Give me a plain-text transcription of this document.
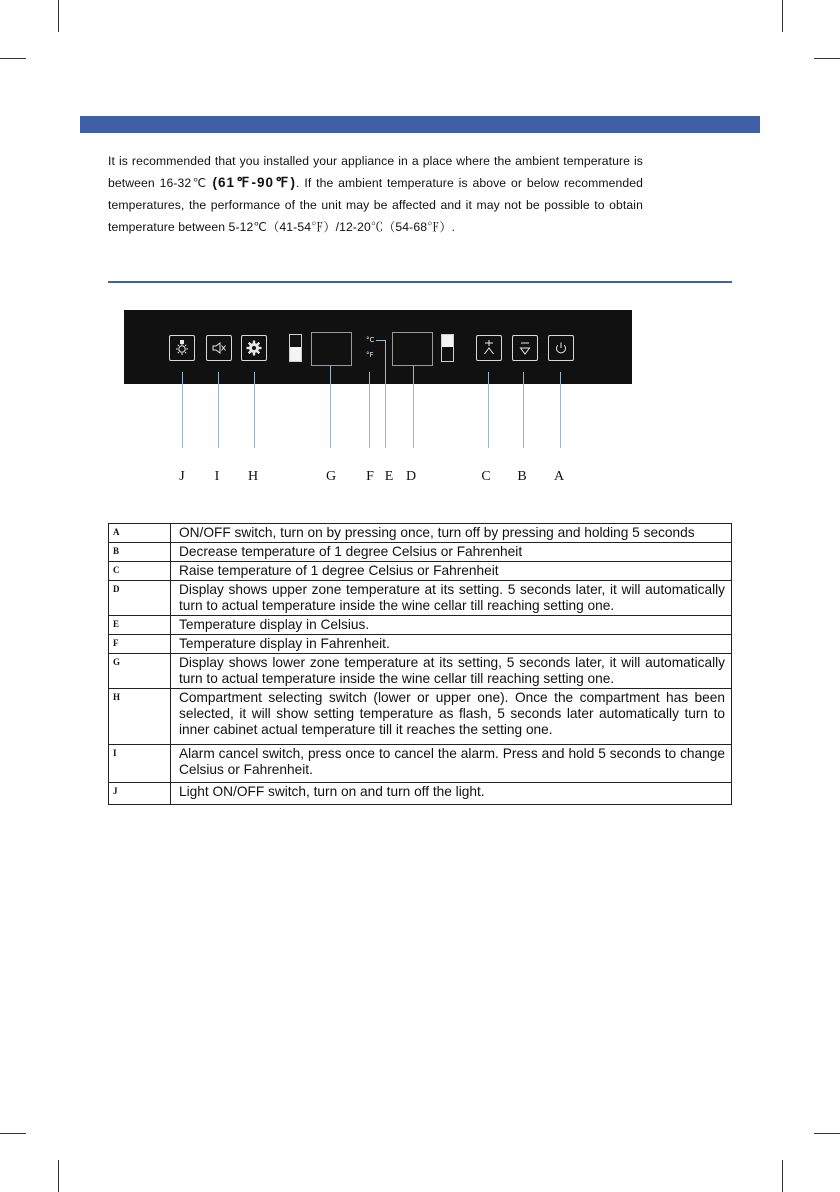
It is recommended that you installed your appliance in a place where the ambient temperature is between 16-32℃ (61℉-90℉). If the ambient temperature is above or below recommended temperatures, the performance of the unit may be affected and it may not be possible to obtain temperature between 5-12℃（41-54℉）/12-20℃（54-68℉）.

°C
°F
J	I	H	G F E D	C B A
A	ON/OFF switch, turn on by pressing once, turn off by pressing and holding 5 seconds
B	Decrease temperature of 1 degree Celsius or Fahrenheit
C	Raise temperature of 1 degree Celsius or Fahrenheit
D	Display shows upper zone temperature at its setting. 5 seconds later, it will automatically turn to actual temperature inside the wine cellar till reaching setting one.
E	Temperature display in Celsius.
F	Temperature display in Fahrenheit.
G	Display shows lower zone temperature at its setting, 5 seconds later, it will automatically turn to actual temperature inside the wine cellar till reaching setting one.
H	Compartment selecting switch (lower or upper one). Once the compartment has been selected, it will show setting temperature as flash, 5 seconds later automatically turn to inner cabinet actual temperature till it reaches the setting one.
I	Alarm cancel switch, press once to cancel the alarm. Press and hold 5 seconds to change Celsius or Fahrenheit.
J	Light ON/OFF switch, turn on and turn off the light.
